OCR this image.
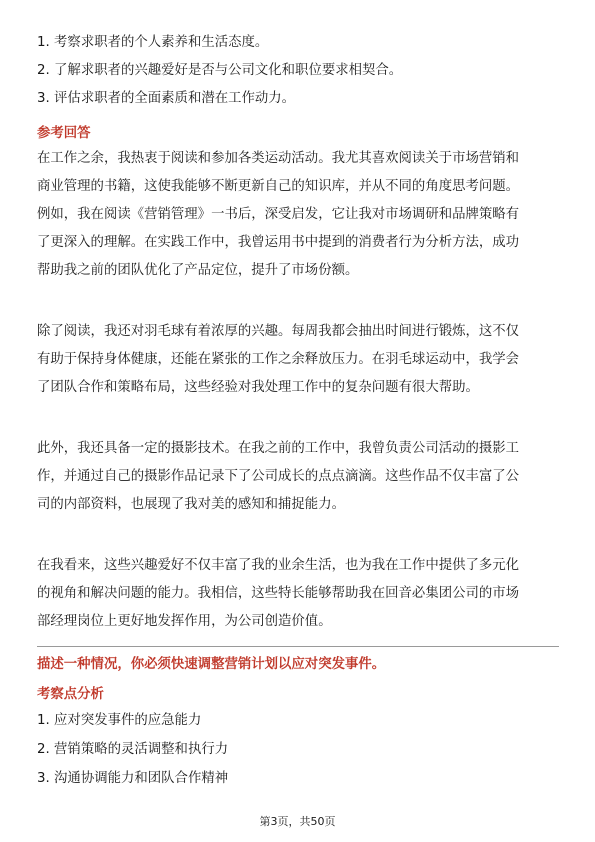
1. 考察求职者的个人素养和生活态度。
2. 了解求职者的兴趣爱好是否与公司文化和职位要求相契合。
3. 评估求职者的全面素质和潜在工作动力。
参考回答
在工作之余，我热衷于阅读和参加各类运动活动。我尤其喜欢阅读关于市场营销和
商业管理的书籍，这使我能够不断更新自己的知识库，并从不同的角度思考问题。
例如，我在阅读《营销管理》一书后，深受启发，它让我对市场调研和品牌策略有
了更深入的理解。在实践工作中，我曾运用书中提到的消费者行为分析方法，成功
帮助我之前的团队优化了产品定位，提升了市场份额。
除了阅读，我还对羽毛球有着浓厚的兴趣。每周我都会抽出时间进行锻炼，这不仅
有助于保持身体健康，还能在紧张的工作之余释放压力。在羽毛球运动中，我学会
了团队合作和策略布局，这些经验对我处理工作中的复杂问题有很大帮助。
此外，我还具备一定的摄影技术。在我之前的工作中，我曾负责公司活动的摄影工
作，并通过自己的摄影作品记录下了公司成长的点点滴滴。这些作品不仅丰富了公
司的内部资料，也展现了我对美的感知和捕捉能力。
在我看来，这些兴趣爱好不仅丰富了我的业余生活，也为我在工作中提供了多元化
的视角和解决问题的能力。我相信，这些特长能够帮助我在回音必集团公司的市场
部经理岗位上更好地发挥作用，为公司创造价值。
描述一种情况，你必须快速调整营销计划以应对突发事件。
考察点分析
1. 应对突发事件的应急能力
2. 营销策略的灵活调整和执行力
3. 沟通协调能力和团队合作精神
第3页，共50页
